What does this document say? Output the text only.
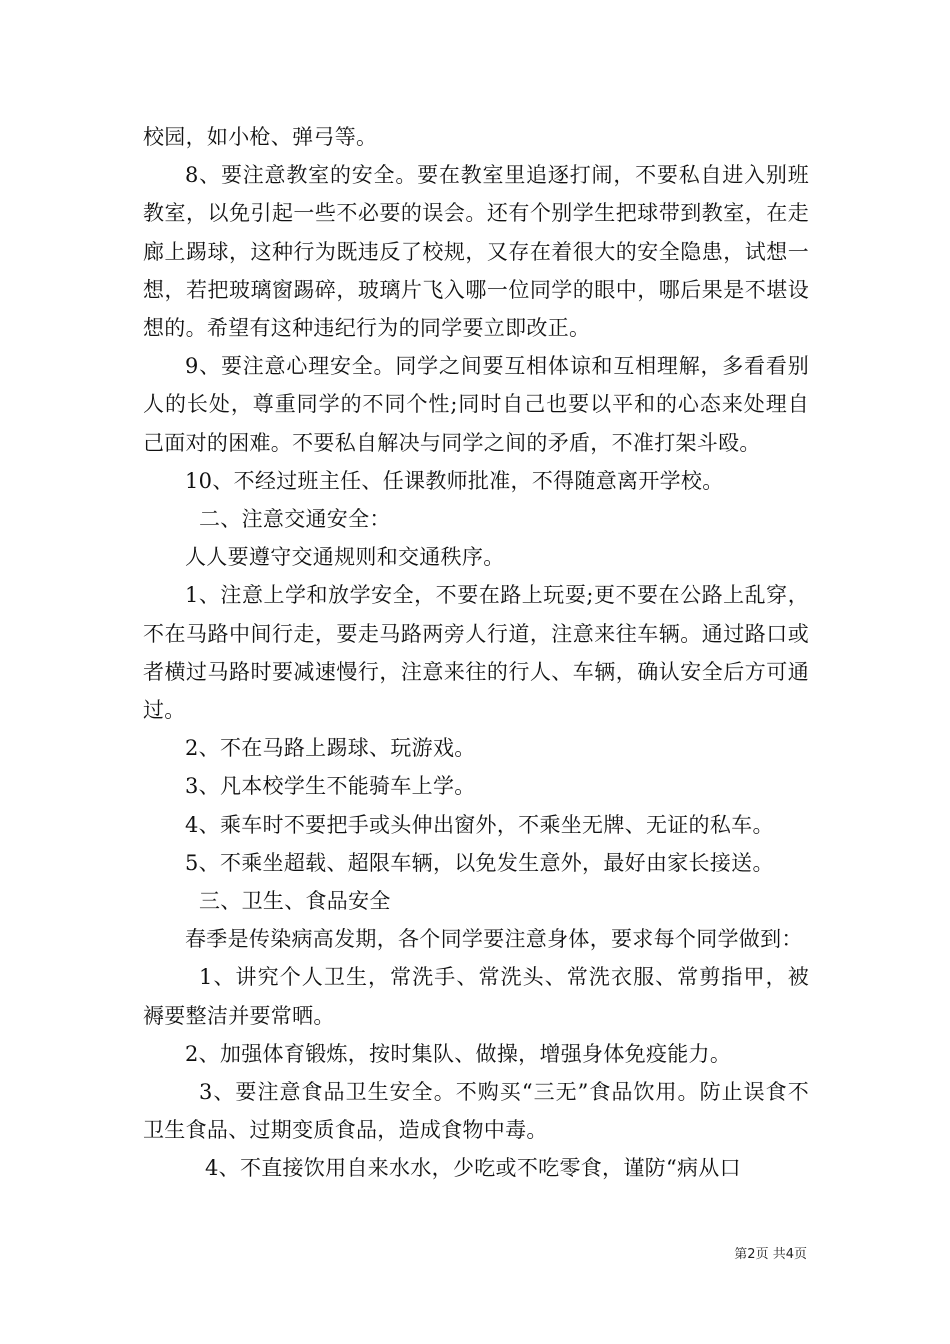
校园，如小枪、弹弓等。

8、要注意教室的安全。要在教室里追逐打闹，不要私自进入别班教室，以免引起一些不必要的误会。还有个别学生把球带到教室，在走廊上踢球，这种行为既违反了校规，又存在着很大的安全隐患，试想一想，若把玻璃窗踢碎，玻璃片飞入哪一位同学的眼中，哪后果是不堪设想的。希望有这种违纪行为的同学要立即改正。

9、要注意心理安全。同学之间要互相体谅和互相理解，多看看别人的长处，尊重同学的不同个性;同时自己也要以平和的心态来处理自己面对的困难。不要私自解决与同学之间的矛盾，不准打架斗殴。

10、不经过班主任、任课教师批准，不得随意离开学校。

二、注意交通安全：

人人要遵守交通规则和交通秩序。

1、注意上学和放学安全，不要在路上玩耍;更不要在公路上乱穿，不在马路中间行走，要走马路两旁人行道，注意来往车辆。通过路口或者横过马路时要减速慢行，注意来往的行人、车辆，确认安全后方可通过。

2、不在马路上踢球、玩游戏。

3、凡本校学生不能骑车上学。

4、乘车时不要把手或头伸出窗外，不乘坐无牌、无证的私车。

5、不乘坐超载、超限车辆，以免发生意外，最好由家长接送。

三、卫生、食品安全

春季是传染病高发期，各个同学要注意身体，要求每个同学做到：

1、讲究个人卫生，常洗手、常洗头、常洗衣服、常剪指甲，被褥要整洁并要常晒。

2、加强体育锻炼，按时集队、做操，增强身体免疫能力。

3、要注意食品卫生安全。不购买“三无”食品饮用。防止误食不卫生食品、过期变质食品，造成食物中毒。

4、不直接饮用自来水水，少吃或不吃零食，谨防“病从口

第2页 共4页
